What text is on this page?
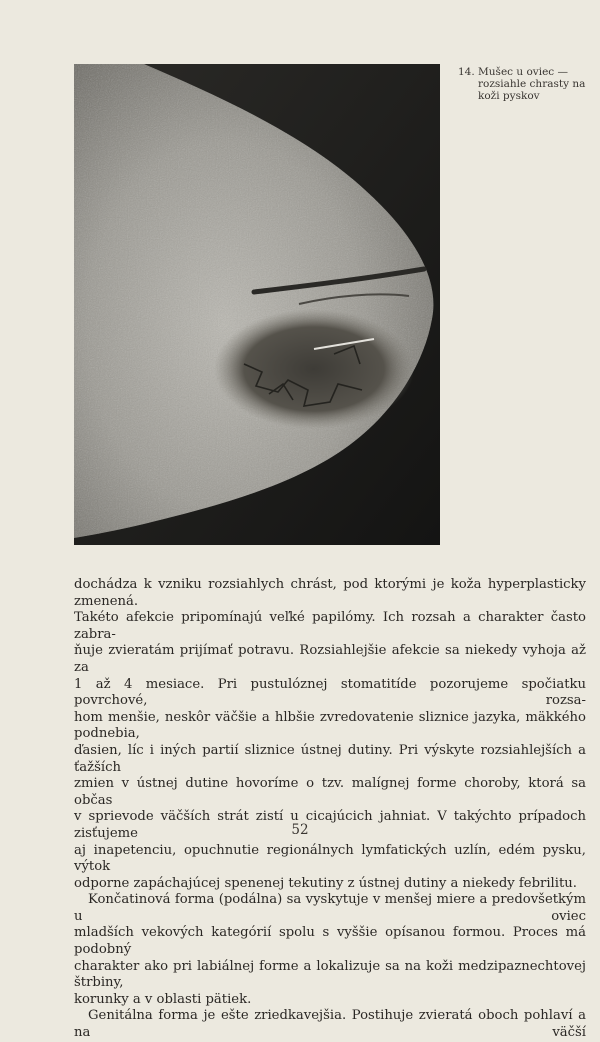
14. Mušec u oviec —
rozsiahle chrasty na
koži pyskov

dochádza k vzniku rozsiahlych chrást, pod ktorými je koža hyperplasticky zmenená.
Takéto afekcie pripomínajú veľké papilómy. Ich rozsah a charakter často zabra-
ňuje zvieratám prijímať potravu. Rozsiahlejšie afekcie sa niekedy vyhoja až za
1 až 4 mesiace. Pri pustulóznej stomatitíde pozorujeme spočiatku povrchové, rozsa-
hom menšie, neskôr väčšie a hlbšie zvredovatenie sliznice jazyka, mäkkého podnebia,
ďasien, líc i iných partií sliznice ústnej dutiny. Pri výskyte rozsiahlejších a ťažších
zmien v ústnej dutine hovoríme o tzv. malígnej forme choroby, ktorá sa občas
v sprievode väčších strát zistí u cicajúcich jahniat. V takýchto prípadoch zisťujeme
aj inapetenciu, opuchnutie regionálnych lymfatických uzlín, edém pysku, výtok
odporne zapáchajúcej spenenej tekutiny z ústnej dutiny a niekedy febrilitu.

Končatinová forma (podálna) sa vyskytuje v menšej miere a predovšetkým u oviec
mladších vekových kategórií spolu s vyššie opísanou formou. Proces má podobný
charakter ako pri labiálnej forme a lokalizuje sa na koži medzipaznechtovej štrbiny,
korunky a v oblasti pätiek.

Genitálna forma je ešte zriedkavejšia. Postihuje zvieratá oboch pohlaví a na väčší

52
